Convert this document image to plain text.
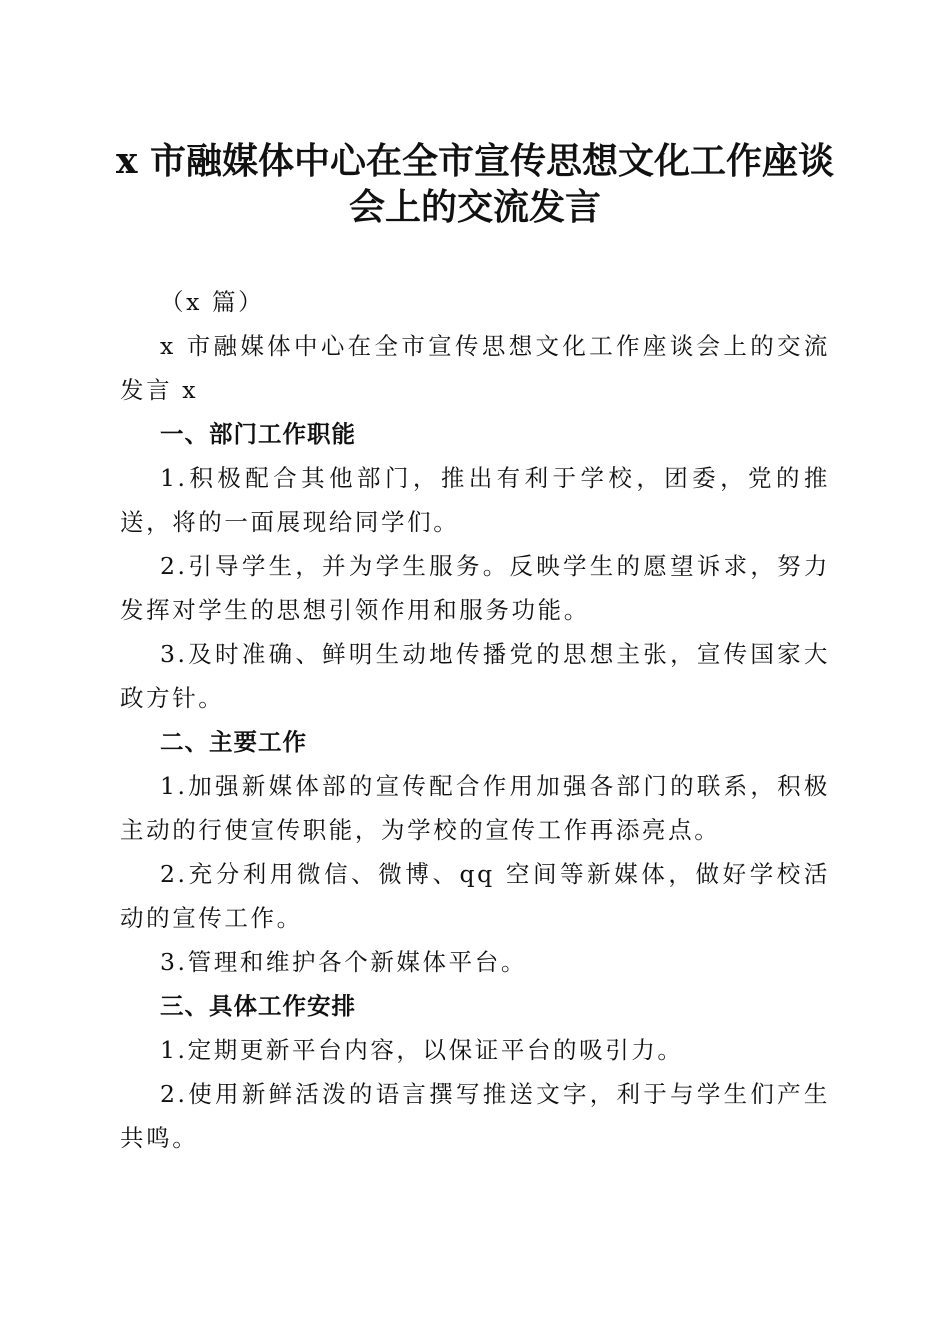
x 市融媒体中心在全市宣传思想文化工作座谈会上的交流发言

（x 篇）

x 市融媒体中心在全市宣传思想文化工作座谈会上的交流发言 x

一、部门工作职能

1.积极配合其他部门，推出有利于学校，团委，党的推送，将的一面展现给同学们。

2.引导学生，并为学生服务。反映学生的愿望诉求，努力发挥对学生的思想引领作用和服务功能。

3.及时准确、鲜明生动地传播党的思想主张，宣传国家大政方针。

二、主要工作

1.加强新媒体部的宣传配合作用加强各部门的联系，积极主动的行使宣传职能，为学校的宣传工作再添亮点。

2.充分利用微信、微博、qq 空间等新媒体，做好学校活动的宣传工作。

3.管理和维护各个新媒体平台。

三、具体工作安排

1.定期更新平台内容，以保证平台的吸引力。

2.使用新鲜活泼的语言撰写推送文字，利于与学生们产生共鸣。
